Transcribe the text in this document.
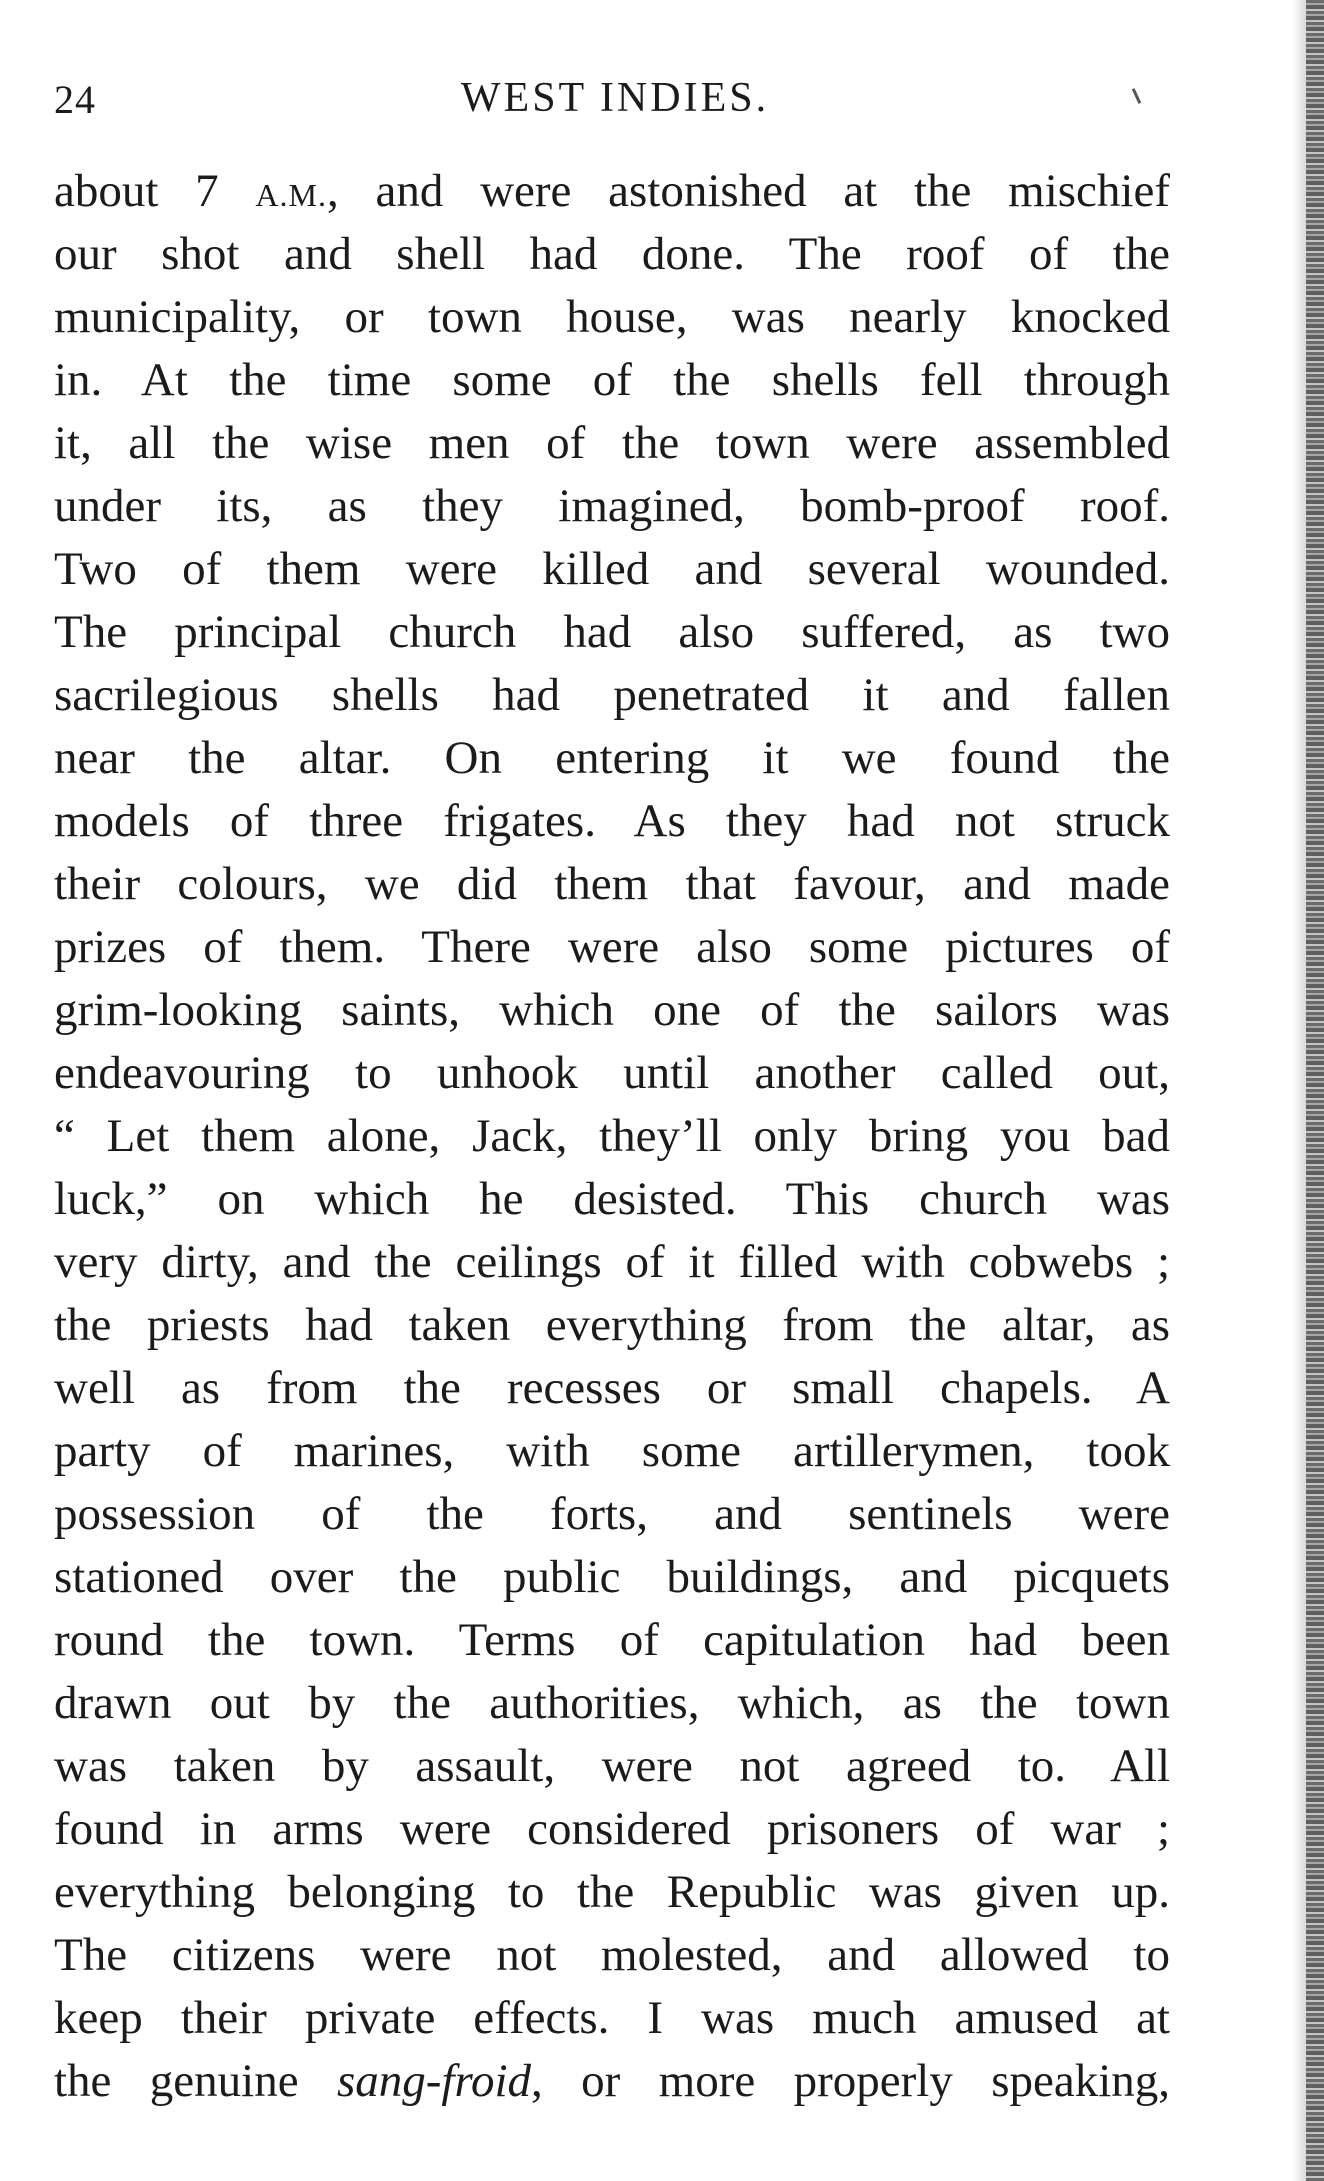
24	WEST INDIES.
about 7 A.M., and were astonished at the mischief
our shot and shell had done. The roof of the
municipality, or town house, was nearly knocked
in. At the time some of the shells fell through
it, all the wise men of the town were assembled
under its, as they imagined, bomb-proof roof.
Two of them were killed and several wounded.
The principal church had also suffered, as two
sacrilegious shells had penetrated it and fallen
near the altar. On entering it we found the
models of three frigates. As they had not struck
their colours, we did them that favour, and made
prizes of them. There were also some pictures of
grim-looking saints, which one of the sailors was
endeavouring to unhook until another called out,
“ Let them alone, Jack, they’ll only bring you bad
luck,” on which he desisted. This church was
very dirty, and the ceilings of it filled with cobwebs ;
the priests had taken everything from the altar, as
well as from the recesses or small chapels. A
party of marines, with some artillerymen, took
possession of the forts, and sentinels were
stationed over the public buildings, and picquets
round the town. Terms of capitulation had been
drawn out by the authorities, which, as the town
was taken by assault, were not agreed to. All
found in arms were considered prisoners of war ;
everything belonging to the Republic was given up.
The citizens were not molested, and allowed to
keep their private effects. I was much amused at
the genuine sang-froid, or more properly speaking,
